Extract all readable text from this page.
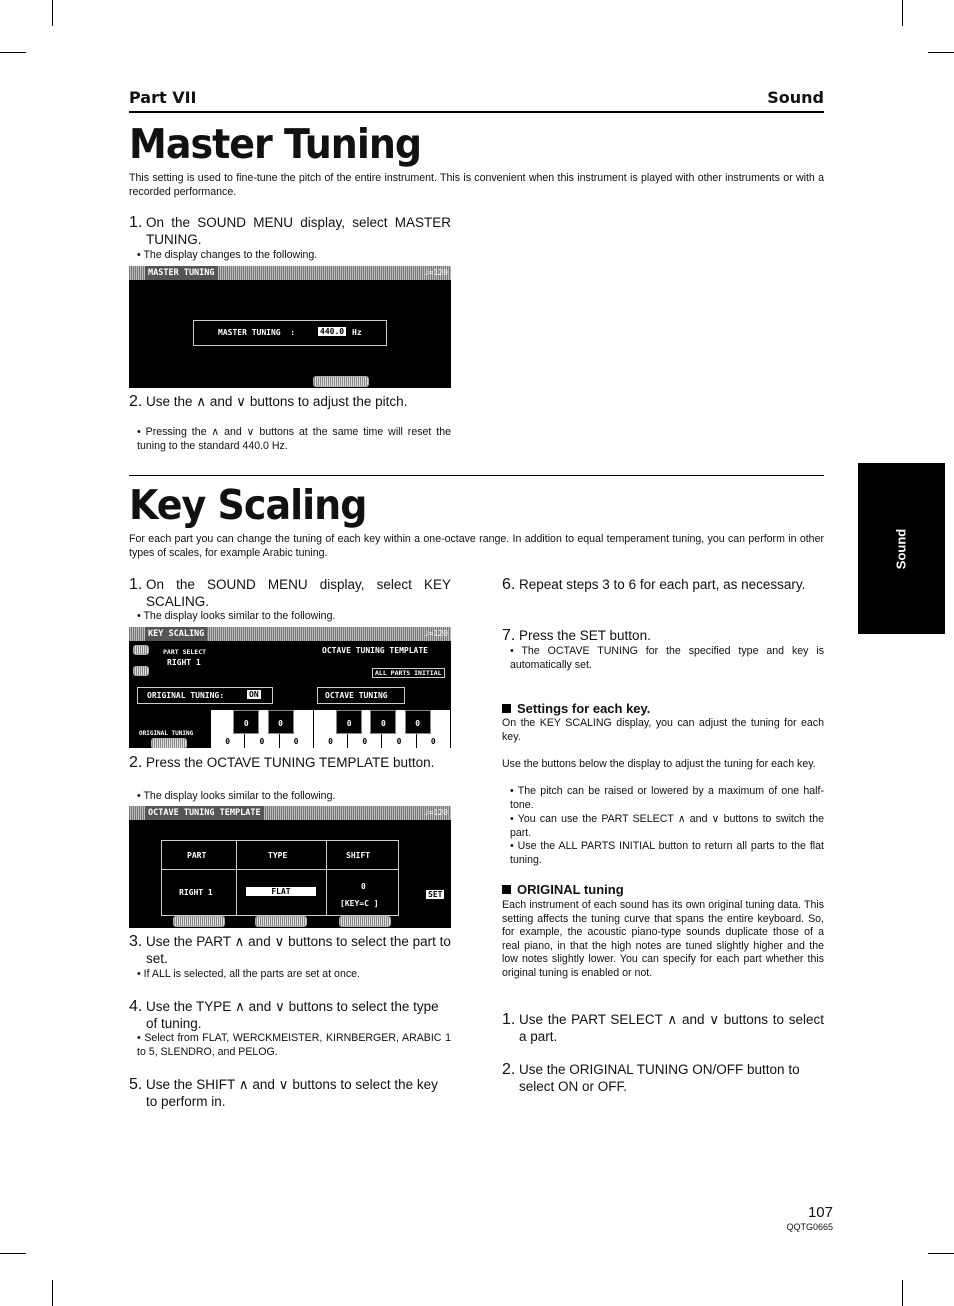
Part VII	Sound
Sound
Master Tuning
This setting is used to fine-tune the pitch of the entire instrument. This is convenient when this instrument is played with other instruments or with a recorded performance.
1. On the SOUND MENU display, select MASTER TUNING.
• The display changes to the following.
MASTER TUNING	♩=120
MASTER TUNING  :	440.0 Hz
2. Use the ∧ and ∨ buttons to adjust the pitch.
• Pressing the ∧ and ∨ buttons at the same time will reset the tuning to the standard 440.0 Hz.
Key Scaling
For each part you can change the tuning of each key within a one-octave range. In addition to equal temperament tuning, you can perform in other types of scales, for example Arabic tuning.
1. On the SOUND MENU display, select KEY SCALING.
• The display looks similar to the following.
KEY SCALING	♩=120
PART SELECT
RIGHT 1
OCTAVE TUNING TEMPLATE
ALL PARTS INITIAL
ORIGINAL TUNING:	ON	OCTAVE TUNING
ORIGINAL TUNING
0	0	0	0	0	0	0
0	0	0	0	0
2. Press the OCTAVE TUNING TEMPLATE button.
• The display looks similar to the following.
OCTAVE TUNING TEMPLATE	♩=120
PART	TYPE	SHIFT
RIGHT 1	FLAT
0
[KEY=C ]
SET
3. Use the PART ∧ and ∨ buttons to select the part to set.
• If ALL is selected, all the parts are set at once.
4. Use the TYPE ∧ and ∨ buttons to select the type of tuning.
• Select from FLAT, WERCKMEISTER, KIRNBERGER, ARABIC 1 to 5, SLENDRO, and PELOG.
5. Use the SHIFT ∧ and ∨ buttons to select the key to perform in.
6. Repeat steps 3 to 6 for each part, as necessary.
7. Press the SET button.
• The OCTAVE TUNING for the specified type and key is automatically set.
Settings for each key.
On the KEY SCALING display, you can adjust the tuning for each key.
Use the buttons below the display to adjust the tuning for each key.
• The pitch can be raised or lowered by a maximum of one half-tone.
• You can use the PART SELECT ∧ and ∨ buttons to switch the part.
• Use the ALL PARTS INITIAL button to return all parts to the flat tuning.
ORIGINAL tuning
Each instrument of each sound has its own original tuning data. This setting affects the tuning curve that spans the entire keyboard. So, for example, the acoustic piano-type sounds duplicate those of a real piano, in that the high notes are tuned slightly higher and the low notes slightly lower. You can specify for each part whether this original tuning is enabled or not.
1. Use the PART SELECT ∧ and ∨ buttons to select a part.
2. Use the ORIGINAL TUNING ON/OFF button to select ON or OFF.
107
QQTG0665
